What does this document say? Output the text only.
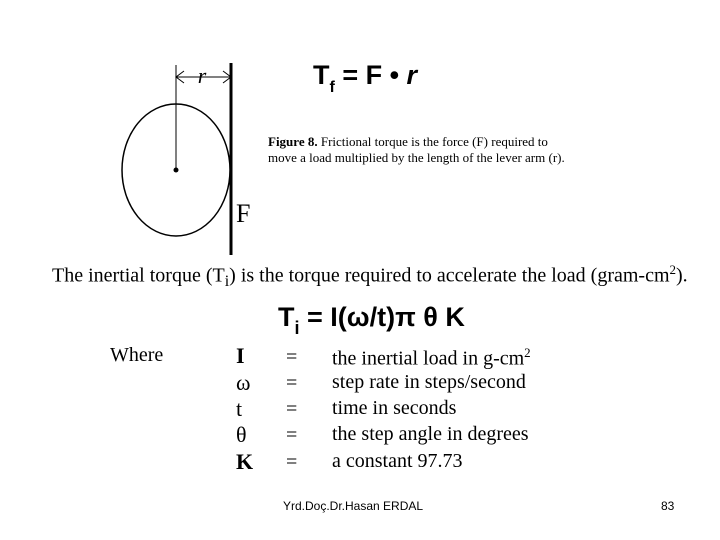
r
F
$T_f = F$ • r
Figure 8. Frictional torque is the force (F) required to move a load multiplied by the length of the lever arm (r).
The inertial torque $(T_i)$ is the torque required to accelerate the load $(gram-cm^2)$.
$T_i = I(\omega/t)\pi$ θ K
Where	I	= the inertial load in $g-cm^2$
ω	= step rate in steps/second
t	= time in seconds
θ	= the step angle in degrees
K	= a constant 97.73
Yrd.Doç.Dr.Hasan ERDAL	83
